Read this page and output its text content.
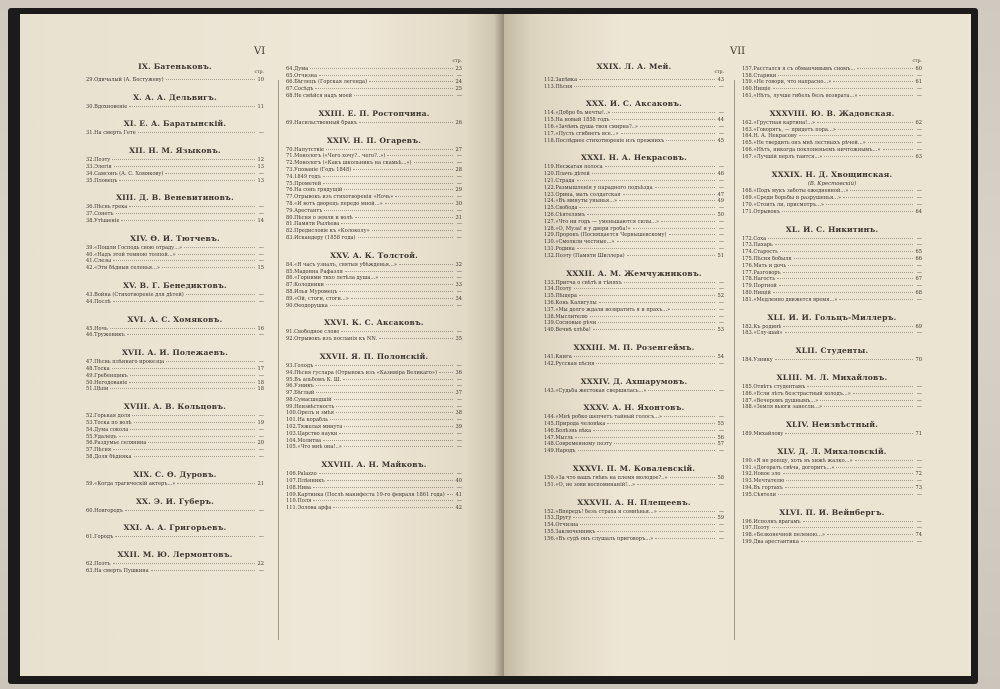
VI
IX. Батеньковъ.
стр.
29. Одичалый (А. Бестужеву)	10
X. А. А. Дельвигъ.
30. Вдохновеніе	11
XI. Е. А. Баратынскій.
31. На смерть Гете	—
XII. Н. М. Языковъ.
32. Поэту	12
33. Элегія	13
34. Самсонъ (А. С. Хомякову)	—
35. Пловецъ	13
XIII. Д. В. Веневитиновъ.
36. Пѣснь грека	—
37. Сонетъ	—
38. Утѣшеніе	14
XIV. Ѳ. И. Тютчевъ.
39. «Пошли Господь свою отраду...»	—
40. «Надъ этой темною толпой...»	—
41. Слезы	—
42. «Эти бѣдныя селенья...»	15
XV. В. Г. Бенедиктовъ.
43. Война (Стихотвореніе для дѣтей)	—
44. Послѣ	—
XVI. А. С. Хомяковъ.
45. Ночь	16
46. Труженикъ	—
XVII. А. И. Полежаевъ.
47. Пѣснь плѣннаго ирокезца	—
48. Тоска	17
49. Гребенщикъ	—
50. Негодованіе	18
51. Цѣпи	18
XVIII. А. В. Кольцовъ.
52. Горькая доля	—
53. Тоска по волѣ	19
54. Дума сокола	—
55. Удалецъ	—
56. Раздумье селянина	20
57. Пѣсня	—
58. Доля бѣдняка	—
XIX. С. Ѳ. Дуровъ.
59. «Когда трагическій актеръ...»	21
XX. Э. И. Губеръ.
60. Новгородъ	—
XXI. А. А. Григорьевъ.
61. Городъ	—
XXII. М. Ю. Лермонтовъ.
62. Поэтъ	22
63. На смерть Пушкина	—
стр.
64. Дума	23
65. Отчизна	—
66. Бѣглецъ (Горская легенда)	24
67. Сосѣдъ	25
68. Не смѣйся надъ моей	—
XXIII. Е. П. Ростопчина.
69. Насильственный бракъ	26
XXIV. Н. П. Огаревъ.
70. Напутствіе	27
71. Монологъ («Чего хочу?.. чего?..»)	—
72. Монологъ («Какъ школьникъ на скамьѣ...»)	—
73. Упованіе (Годъ 1848)	28
74. 1849 годъ	—
75. Прометей	—
76. На сонъ грядущій	29
77. Отрывокъ изъ стихотворенія «Ночь»	—
78. «И вотъ дворецъ передо мной...»	30
79. Арестантъ	—
80. Пѣсня о земли и волѣ	31
81. Памяти Рылѣева	—
82. Предисловіе къ «Колоколу»	—
83. Искандеру (1858 года)	—
XXV. А. К. Толстой.
84. «Я часъ узналъ, святыя убѣжденья...»	32
85. Мадонна Рафаэля	—
86. «Горними тихо летѣла душа...»	—
87. Колодники	33
88. Илья Муромецъ	—
89. «Ой, стоги, стоги...»	34
90. Ѳеодорушка	—
XXVI. К. С. Аксаковъ.
91. Свободное слово	—
92. Отрывокъ изъ посланія къ NN.	35
XXVII. Я. П. Полонскій.
93. Голодъ	—
94. Пѣсня гуслара (Отрывокъ изъ «Казиміра Великаго»)	36
95. Въ альбомъ К. Ш.	—
96. Узникъ	—
97. Бѣглый	37
98. Сумасшедшій	—
99. Неизвѣстность	—
100. Орелъ и змѣя	38
101. На корабль	—
102. Тяжелая минута	39
103. Царство науки	—
104. Молитва	—
105. «Что мнѣ она!..»	—
XXVIII. А. Н. Майковъ.
106. Palazzo	—
107. Плѣнникъ	40
108. Нива	—
109. Картинка (Послѣ манифеста 19-го февраля 1861 года) 41
110. Поля	—
111. Эолова арфа	42
VII
XXIX. Л. А. Мей.
стр.
112. Запѣвка	43
113. Пѣсня	—
XXX. И. С. Аксаковъ.
114. «Добро бъ мечты!..»	—
115. На новый 1858 годъ	44
116. «Зачѣмъ душа твоя смирна?..»	—
117. «Пусть сгибнетъ все...»	—
118. Послѣднее стихотвореніе изъ прежнихъ	45
XXXI. Н. А. Некрасовъ.
119. Несжатая полоса	—
120. Плачъ дѣтей	46
121. Страда	—
122. Размышленія у парадного подъѣзда	—
123. Орина, мать солдатская	47
124. «Въ минуты унынья...»	49
125. Свобода	—
126. Сѣятелямъ	50
127. «Что ни годъ — уменьшаются силы...»	—
128. «О, Муза! я у двери гроба!»	—
129. Пророкъ (Посвящается Чернышевскому)	—
130. «Смолкли честные...»	—
131. Родина	—
132. Поэту (Памяти Шиллера)	51
XXXII. А. М. Жемчужниковъ.
133. Притча о свѣтѣ и тѣняхъ	—
134. Поэту	—
135. Пѣщера	52
136. Конь Калигулы	—
137. «Мы долго ждали возвратить я и прахъ...»	—
138. Мыслителю	—
139. Сосновые рѣчи	—
140. Вечнѣ хлѣба!	53
XXXIII. М. П. Розенгеймъ.
141. Книга	54
142. Русская пѣсня	—
XXXIV. Д. Ахшарумовъ.
143. «Судьба жестокая свершилась...»	—
XXXV. А. Н. Яхонтовъ.
144. «Мнѣ робко шепчетъ тайный голосъ...»	—
145. Природа человѣка	55
146. Болѣзнь вѣка	—
147. Мысль	56
148. Современному поэту	57
149. Народъ	—
XXXVI. П. М. Ковалевскій.
150. «За что вашъ гнѣвъ на племя молодое?..»	58
151. «О, не зови воспоминаній!...»	—
XXXVII. А. Н. Плещеевъ.
152. «Впередъ! безъ страха и сомнѣнья...»	—
153. Другу	59
154. Отчизна	—
155. Заключенникъ	—
156. «Въ судѣ онъ слушалъ приговоръ...»	—
стр.
157. Расстался я съ обманчивымъ сномъ...	60
158. Старики	—
159. «Не говори, что напрасно...»	61
160. Нищіе	—
161. «Нѣтъ, лучше гибель безъ возврата...»	—
XXXVIII. Ю. В. Жадовская.
162. «Грустная картина!...»	62
163. «Говорятъ, — придетъ пора...»	—
164. Н. А. Некрасову	—
165. «Не твердить онъ мнѣ лестныхъ рѣчей...»	—
166. «Нѣтъ, никогда поклоненьемъ ничтожнымъ...»	—
167. «Лучшій перлъ таится...»	63
XXXIX. Н. Д. Хвощинская.
(В. Крестовскій)
168. «Подъ мукъ заботы ежедневной...»	—
169. «Среди борьбы и разрушенья...»	—
170. «Стоить ли, присмотръ...»	—
171. Отрывокъ	64
XL. И. С. Никитинъ.
172. Соха	—
173. Пахарь	—
174. Старость	65
175. Пѣсня бобыля	66
176. Мать и дочь	—
177. Разговоръ	—
178. Нагость	67
179. Портной	—
180. Нищій	68
181. «Медленно движется время...»	—
XLI. И. И. Гольцъ-Миллеръ.
182. Къ родинѣ	69
183. «Слу-шай»	—
XLII. Студенты.
184. Узнику	70
XLIII. М. Л. Михайловъ.
185. Отвѣтъ студентамъ	—
186. «Если лѣтъ безстрастный холодъ...»	—
187. «Вечеромъ душнымъ...»	—
188. «Земля вьюги занесли...»	—
XLIV. Неизвѣстный.
189. Михайлову	71
XLV. Д. Л. Михаловскій.
190. «Я не ропщу, хоть въ хижѣ жалко...»	—
191. «Догоратъ свѣча, догоритъ...»	—
192. Новое зло	72
193. Мечтателю	—
194. Въ гортахъ	73
195. Сѣятели	—
XLVI. П. И. Вейнбергъ.
196. Исполнъ врагамъ	—
197. Поэту	—
198. «Безконечной пеленою...»	74
199. Два арестантика	—
